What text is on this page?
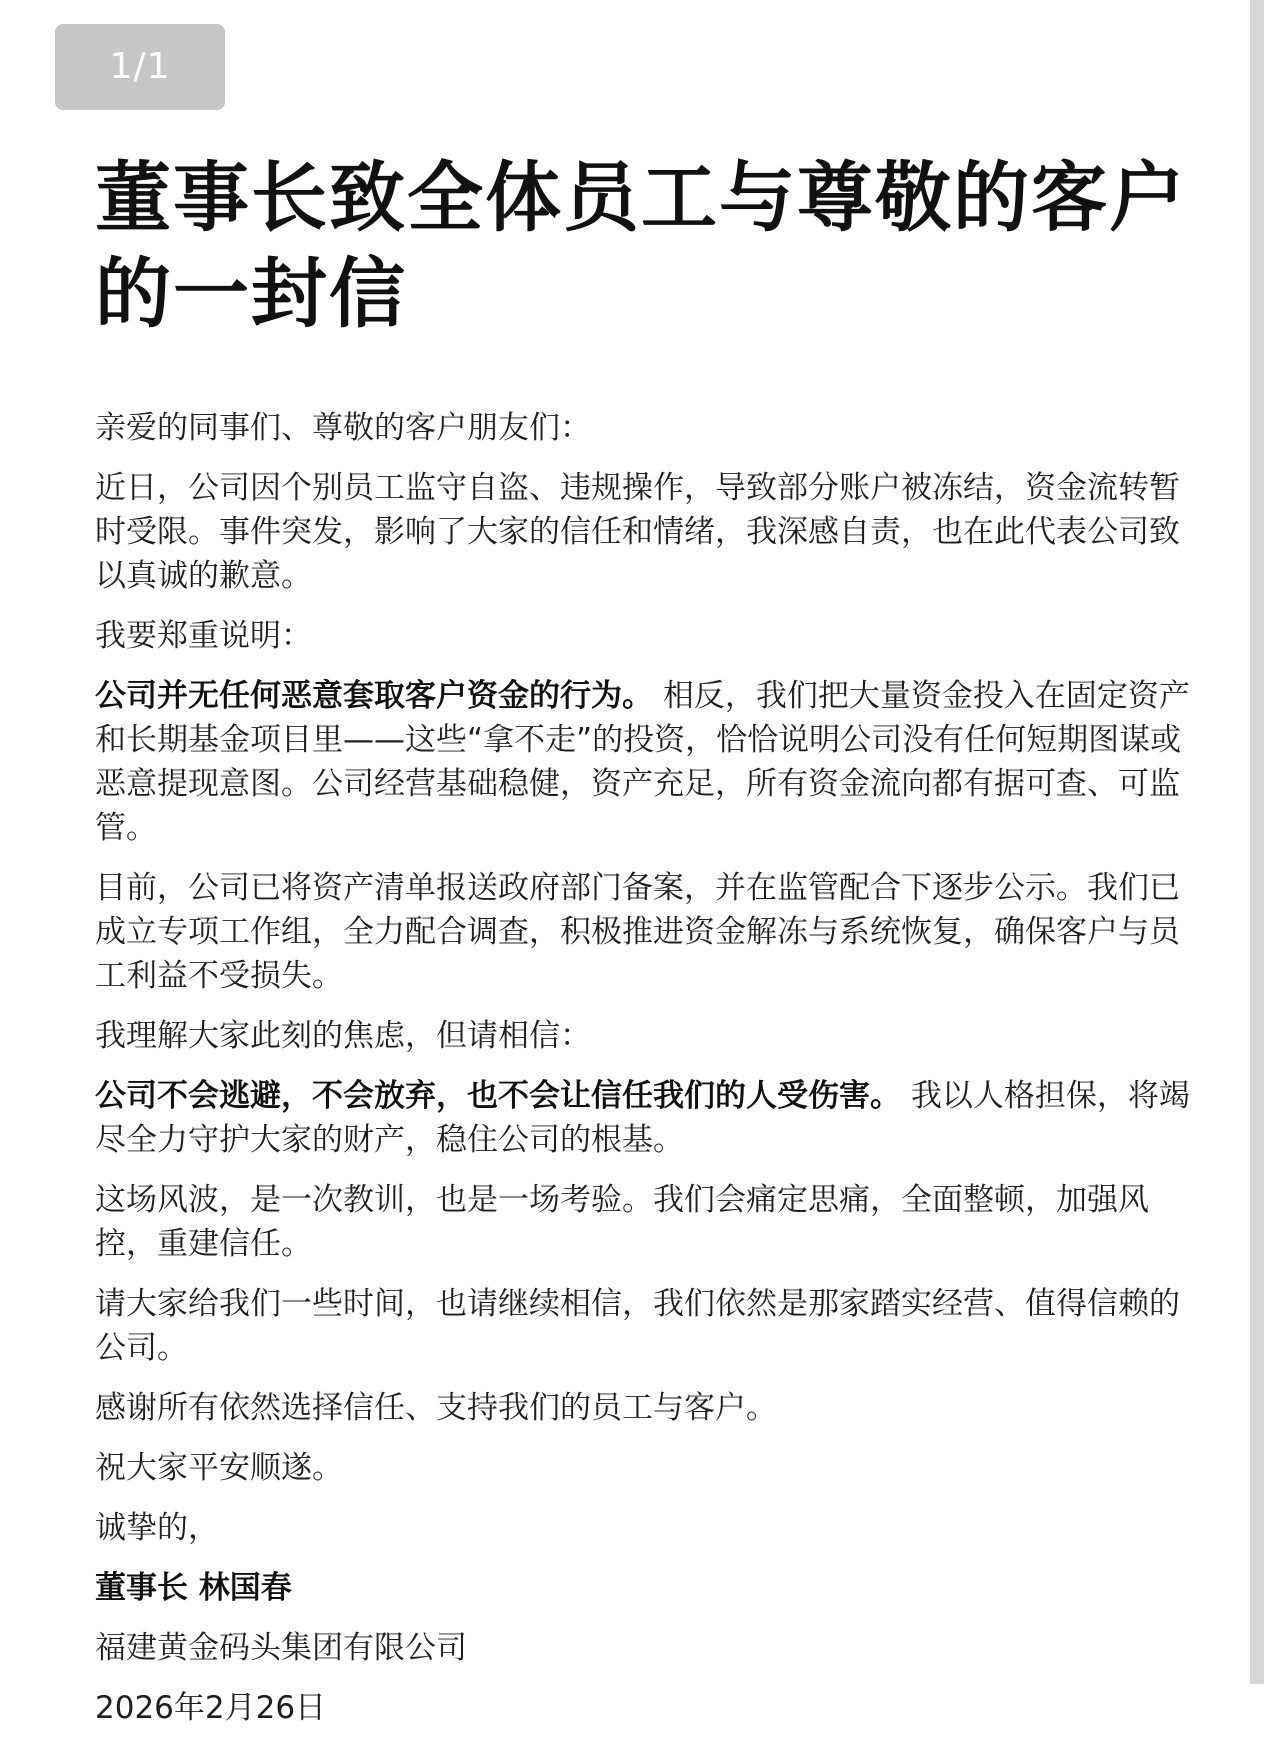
1/1
董事长致全体员工与尊敬的客户的一封信

亲爱的同事们、尊敬的客户朋友们：

近日，公司因个别员工监守自盗、违规操作，导致部分账户被冻结，资金流转暂时受限。事件突发，影响了大家的信任和情绪，我深感自责，也在此代表公司致以真诚的歉意。

我要郑重说明：

公司并无任何恶意套取客户资金的行为。 相反，我们把大量资金投入在固定资产和长期基金项目里——这些“拿不走”的投资，恰恰说明公司没有任何短期图谋或恶意提现意图。公司经营基础稳健，资产充足，所有资金流向都有据可查、可监管。

目前，公司已将资产清单报送政府部门备案，并在监管配合下逐步公示。我们已成立专项工作组，全力配合调查，积极推进资金解冻与系统恢复，确保客户与员工利益不受损失。

我理解大家此刻的焦虑，但请相信：

公司不会逃避，不会放弃，也不会让信任我们的人受伤害。 我以人格担保，将竭尽全力守护大家的财产，稳住公司的根基。

这场风波，是一次教训，也是一场考验。我们会痛定思痛，全面整顿，加强风控，重建信任。

请大家给我们一些时间，也请继续相信，我们依然是那家踏实经营、值得信赖的公司。

感谢所有依然选择信任、支持我们的员工与客户。

祝大家平安顺遂。

诚挚的，

董事长 林国春

福建黄金码头集团有限公司

2026年2月26日
